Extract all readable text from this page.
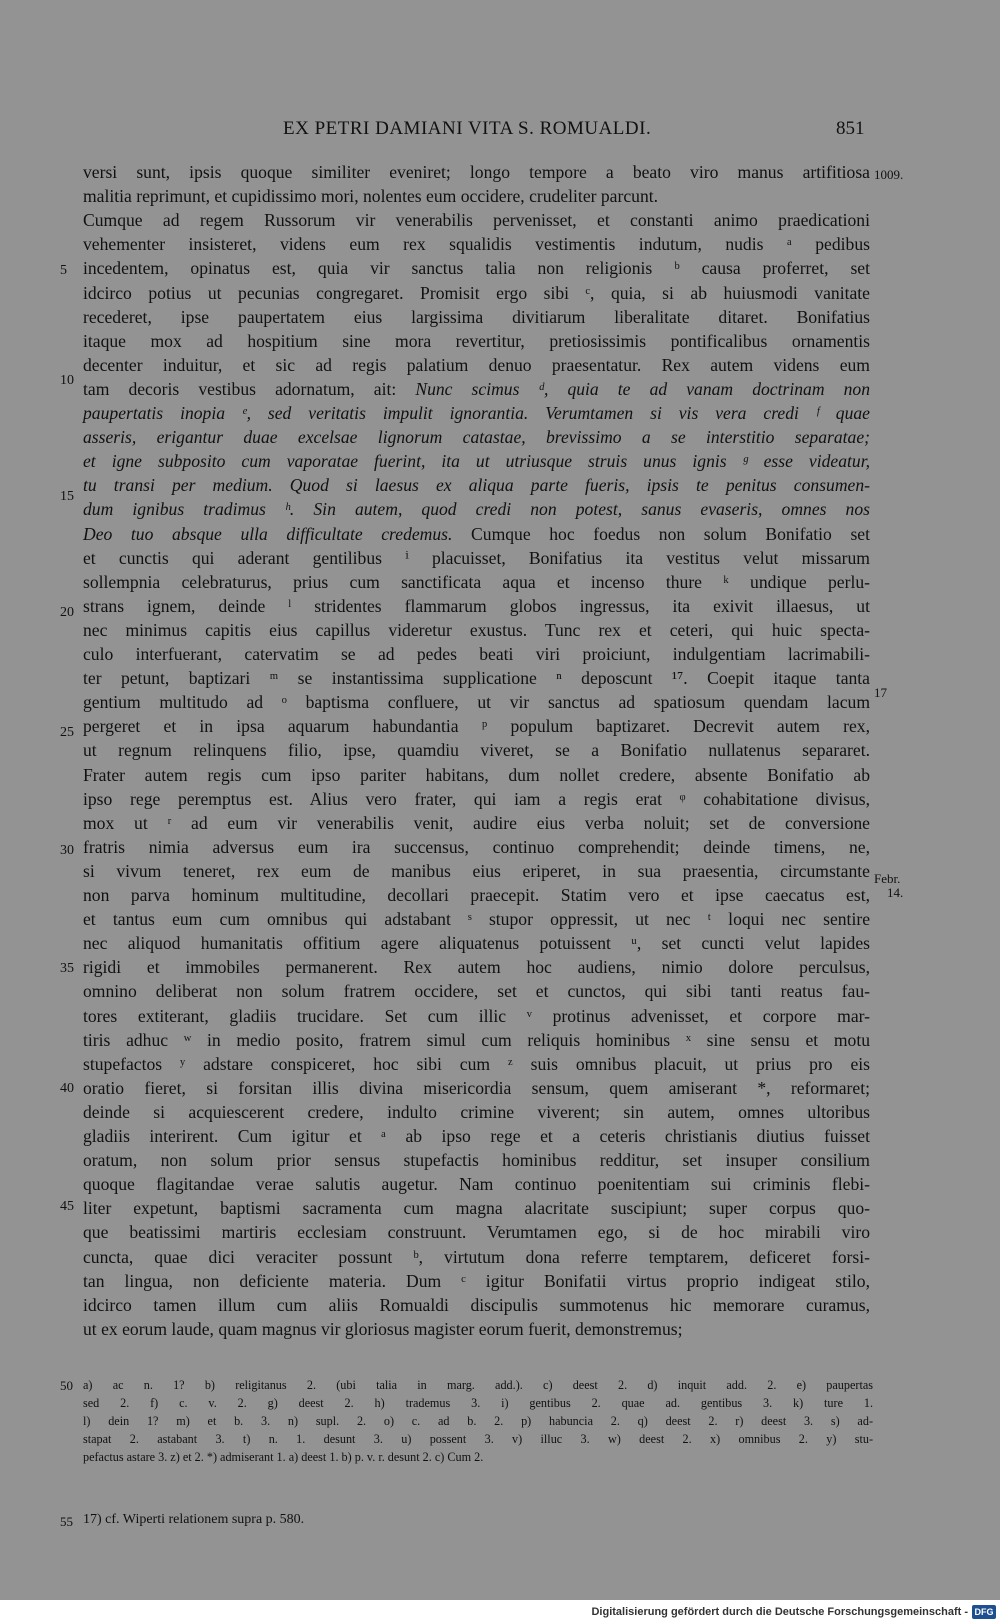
EX PETRI DAMIANI VITA S. ROMUALDI.	851
versi sunt, ipsis quoque similiter eveniret; longo tempore a beato viro manus artifitiosa
malitia reprimunt, et cupidissimo mori, nolentes eum occidere, crudeliter parcunt.
Cumque ad regem Russorum vir venerabilis pervenisset, et constanti animo praedicationi
vehementer insisteret, videns eum rex squalidis vestimentis indutum, nudis ᵃ pedibus
incedentem, opinatus est, quia vir sanctus talia non religionis ᵇ causa proferret, set
idcirco potius ut pecunias congregaret. Promisit ergo sibi ᶜ, quia, si ab huiusmodi vanitate
recederet, ipse paupertatem eius largissima divitiarum liberalitate ditaret. Bonifatius
itaque mox ad hospitium sine mora revertitur, pretiosissimis pontificalibus ornamentis
decenter induitur, et sic ad regis palatium denuo praesentatur. Rex autem videns eum
tam decoris vestibus adornatum, ait: Nunc scimus ᵈ, quia te ad vanam doctrinam non
paupertatis inopia ᵉ, sed veritatis impulit ignorantia. Verumtamen si vis vera credi ᶠ quae
asseris, erigantur duae excelsae lignorum catastae, brevissimo a se interstitio separatae;
et igne subposito cum vaporatae fuerint, ita ut utriusque struis unus ignis ᵍ esse videatur,
tu transi per medium. Quod si laesus ex aliqua parte fueris, ipsis te penitus consumen-
dum ignibus tradimus ʰ. Sin autem, quod credi non potest, sanus evaseris, omnes nos
Deo tuo absque ulla difficultate credemus. Cumque hoc foedus non solum Bonifatio set
et cunctis qui aderant gentilibus ⁱ placuisset, Bonifatius ita vestitus velut missarum
sollempnia celebraturus, prius cum sanctificata aqua et incenso thure ᵏ undique perlu-
strans ignem, deinde ˡ stridentes flammarum globos ingressus, ita exivit illaesus, ut
nec minimus capitis eius capillus videretur exustus. Tunc rex et ceteri, qui huic specta-
culo interfuerant, catervatim se ad pedes beati viri proiciunt, indulgentiam lacrimabili-
ter petunt, baptizari ᵐ se instantissima supplicatione ⁿ deposcunt ¹⁷. Coepit itaque tanta
gentium multitudo ad ᵒ baptisma confluere, ut vir sanctus ad spatiosum quendam lacum
pergeret et in ipsa aquarum habundantia ᵖ populum baptizaret. Decrevit autem rex,
ut regnum relinquens filio, ipse, quamdiu viveret, se a Bonifatio nullatenus separaret.
Frater autem regis cum ipso pariter habitans, dum nollet credere, absente Bonifatio ab
ipso rege peremptus est. Alius vero frater, qui iam a regis erat ᵠ cohabitatione divisus,
mox ut ʳ ad eum vir venerabilis venit, audire eius verba noluit; set de conversione
fratris nimia adversus eum ira succensus, continuo comprehendit; deinde timens, ne,
si vivum teneret, rex eum de manibus eius eriperet, in sua praesentia, circumstante
non parva hominum multitudine, decollari praecepit. Statim vero et ipse caecatus est,
et tantus eum cum omnibus qui adstabant ˢ stupor oppressit, ut nec ᵗ loqui nec sentire
nec aliquod humanitatis offitium agere aliquatenus potuissent ᵘ, set cuncti velut lapides
rigidi et immobiles permanerent. Rex autem hoc audiens, nimio dolore perculsus,
omnino deliberat non solum fratrem occidere, set et cunctos, qui sibi tanti reatus fau-
tores extiterant, gladiis trucidare. Set cum illic ᵛ protinus advenisset, et corpore mar-
tiris adhuc ʷ in medio posito, fratrem simul cum reliquis hominibus ˣ sine sensu et motu
stupefactos ʸ adstare conspiceret, hoc sibi cum ᶻ suis omnibus placuit, ut prius pro eis
oratio fieret, si forsitan illis divina misericordia sensum, quem amiserant *, reformaret;
deinde si acquiescerent credere, indulto crimine viverent; sin autem, omnes ultoribus
gladiis interirent. Cum igitur et ᵃ ab ipso rege et a ceteris christianis diutius fuisset
oratum, non solum prior sensus stupefactis hominibus redditur, set insuper consilium
quoque flagitandae verae salutis augetur. Nam continuo poenitentiam sui criminis flebi-
liter expetunt, baptismi sacramenta cum magna alacritate suscipiunt; super corpus quo-
que beatissimi martiris ecclesiam construunt. Verumtamen ego, si de hoc mirabili viro
cuncta, quae dici veraciter possunt ᵇ, virtutum dona referre temptarem, deficeret forsi-
tan lingua, non deficiente materia. Dum ᶜ igitur Bonifatii virtus proprio indigeat stilo,
idcirco tamen illum cum aliis Romualdi discipulis summotenus hic memorare curamus,
ut ex eorum laude, quam magnus vir gloriosus magister eorum fuerit, demonstremus;
5
10
15
20
25
30
35
40
45
1009.
17
Febr.
14.
50 a) ac n. 1? b) religitanus 2. (ubi talia in marg. add.). c) deest 2. d) inquit add. 2. e) paupertas
sed 2. f) c. v. 2. g) deest 2. h) trademus 3. i) gentibus 2. quae ad. gentibus 3. k) ture 1.
l) dein 1? m) et b. 3. n) supl. 2. o) c. ad b. 2. p) habuncia 2. q) deest 2. r) deest 3. s) ad-
stapat 2. astabant 3. t) n. 1. desunt 3. u) possent 3. v) illuc 3. w) deest 2. x) omnibus 2. y) stu-
pefactus astare 3. z) et 2. *) admiserant 1. a) deest 1. b) p. v. r. desunt 2. c) Cum 2.
55 17) cf. Wiperti relationem supra p. 580.
Digitalisierung gefördert durch die Deutsche Forschungsgemeinschaft - DFG
